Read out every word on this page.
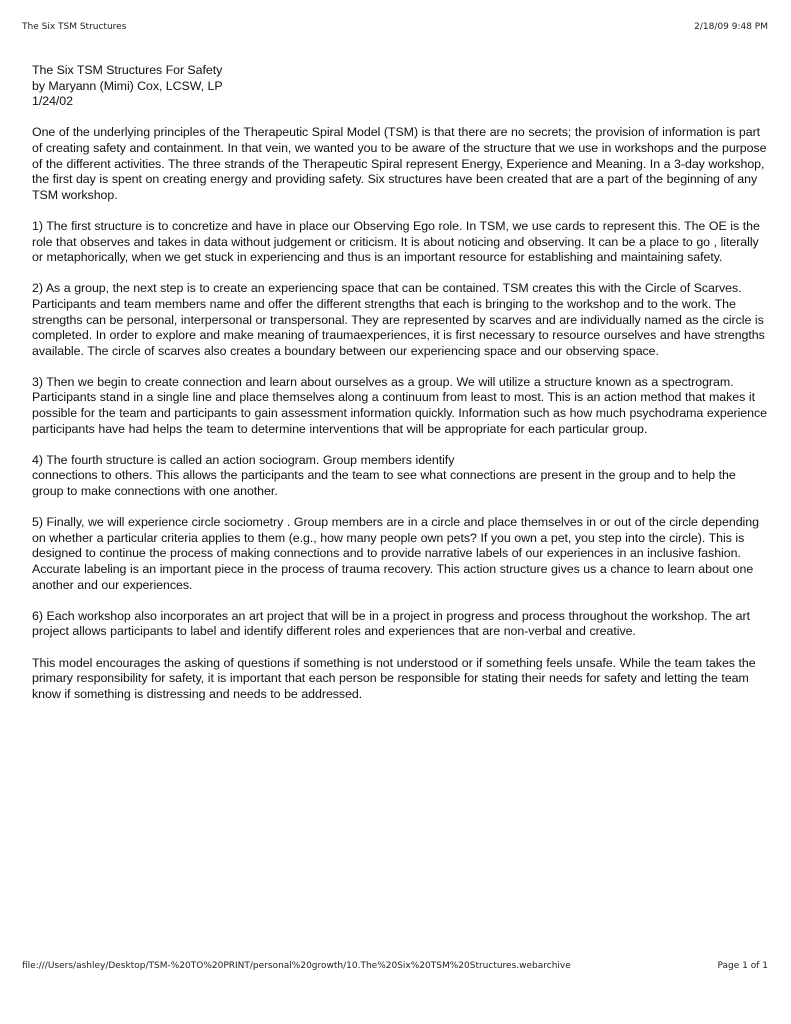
The Six TSM Structures	2/18/09 9:48 PM
The Six TSM Structures For Safety
by Maryann (Mimi) Cox, LCSW, LP
1/24/02

One of the underlying principles of the Therapeutic Spiral Model (TSM) is that there are no secrets; the provision of information is part of creating safety and containment. In that vein, we wanted you to be aware of the structure that we use in workshops and the purpose of the different activities. The three strands of the Therapeutic Spiral represent Energy, Experience and Meaning. In a 3-day workshop, the first day is spent on creating energy and providing safety. Six structures have been created that are a part of the beginning of any TSM workshop.

1) The first structure is to concretize and have in place our Observing Ego role. In TSM, we use cards to represent this. The OE is the role that observes and takes in data without judgement or criticism. It is about noticing and observing. It can be a place to go , literally or metaphorically, when we get stuck in experiencing and thus is an important resource for establishing and maintaining safety.

2) As a group, the next step is to create an experiencing space that can be contained. TSM creates this with the Circle of Scarves. Participants and team members name and offer the different strengths that each is bringing to the workshop and to the work. The strengths can be personal, interpersonal or transpersonal. They are represented by scarves and are individually named as the circle is completed. In order to explore and make meaning of traumaexperiences, it is first necessary to resource ourselves and have strengths available. The circle of scarves also creates a boundary between our experiencing space and our observing space.

3) Then we begin to create connection and learn about ourselves as a group. We will utilize a structure known as a spectrogram. Participants stand in a single line and place themselves along a continuum from least to most. This is an action method that makes it possible for the team and participants to gain assessment information quickly. Information such as how much psychodrama experience participants have had helps the team to determine interventions that will be appropriate for each particular group.

4) The fourth structure is called an action sociogram. Group members identify
connections to others. This allows the participants and the team to see what connections are present in the group and to help the group to make connections with one another.

5) Finally, we will experience circle sociometry . Group members are in a circle and place themselves in or out of the circle depending on whether a particular criteria applies to them (e.g., how many people own pets? If you own a pet, you step into the circle). This is designed to continue the process of making connections and to provide narrative labels of our experiences in an inclusive fashion. Accurate labeling is an important piece in the process of trauma recovery. This action structure gives us a chance to learn about one another and our experiences.

6) Each workshop also incorporates an art project that will be in a project in progress and process throughout the workshop. The art project allows participants to label and identify different roles and experiences that are non-verbal and creative.

This model encourages the asking of questions if something is not understood or if something feels unsafe. While the team takes the primary responsibility for safety, it is important that each person be responsible for stating their needs for safety and letting the team know if something is distressing and needs to be addressed.

file:///Users/ashley/Desktop/TSM-%20TO%20PRINT/personal%20growth/10.The%20Six%20TSM%20Structures.webarchive	Page 1 of 1
